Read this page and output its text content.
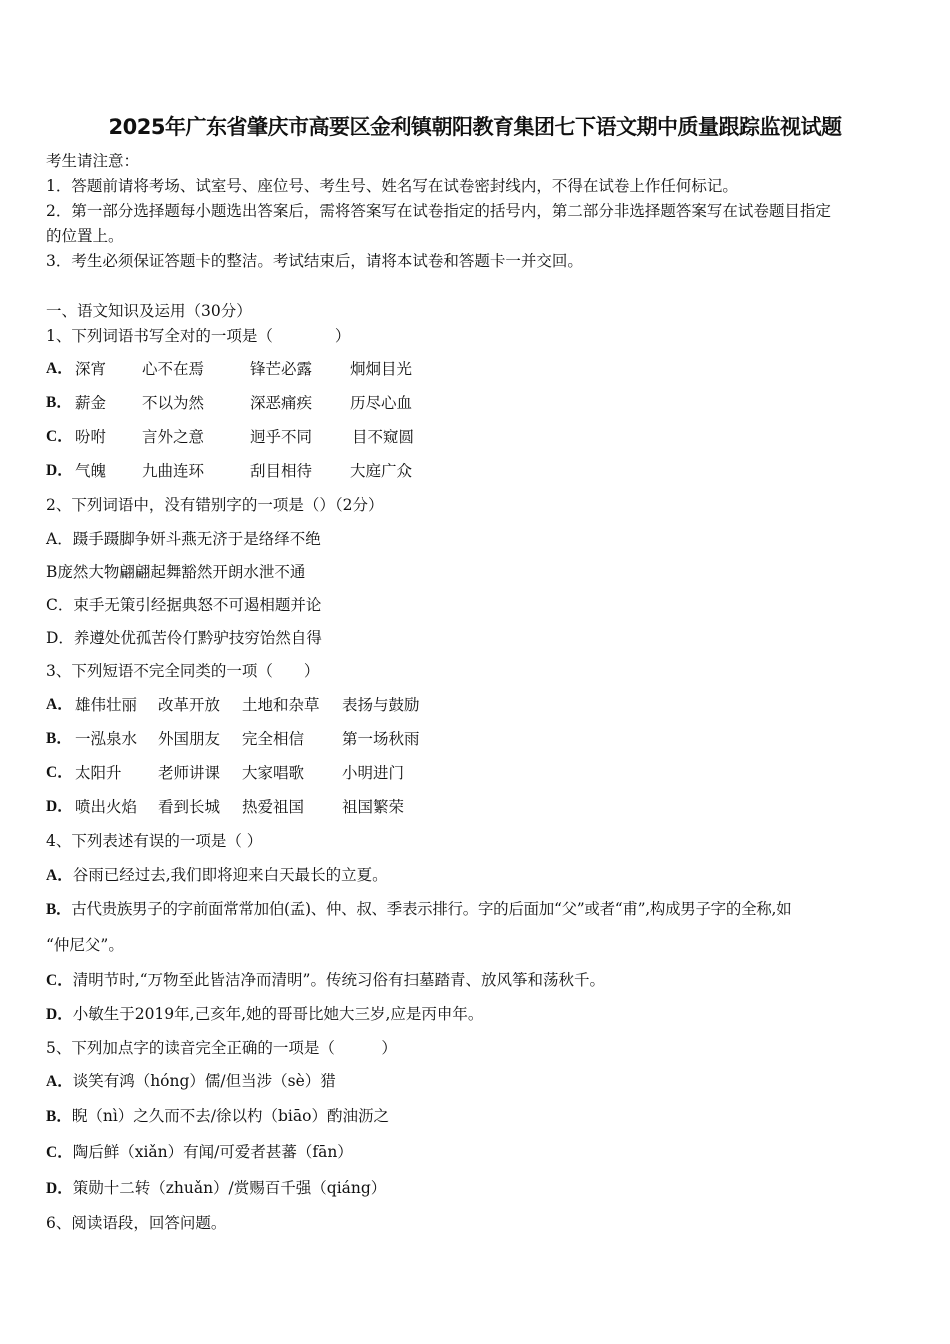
2025年广东省肇庆市高要区金利镇朝阳教育集团七下语文期中质量跟踪监视试题
考生请注意：
1．答题前请将考场、试室号、座位号、考生号、姓名写在试卷密封线内，不得在试卷上作任何标记。
2．第一部分选择题每小题选出答案后，需将答案写在试卷指定的括号内，第二部分非选择题答案写在试卷题目指定
的位置上。
3．考生必须保证答题卡的整洁。考试结束后，请将本试卷和答题卡一并交回。
一、语文知识及运用（30分）
1、下列词语书写全对的一项是（　　　　）
A． 深宵 心不在焉	锋芒必露 炯炯目光
B． 薪金 不以为然	深恶痛疾 历尽心血
C． 吩咐 言外之意	迥乎不同	目不窥圆
D． 气魄 九曲连环	刮目相待 大庭广众
2、下列词语中，没有错别字的一项是（）（2分）
A．蹑手蹑脚争妍斗燕无济于是络绎不绝
B庞然大物翩翩起舞豁然开朗水泄不通
C．束手无策引经据典怒不可遏相题并论
D．养遵处优孤苦伶仃黔驴技穷饴然自得
3、下列短语不完全同类的一项（　　）
A． 雄伟壮丽 改革开放 土地和杂草 表扬与鼓励
B． 一泓泉水 外国朋友 完全相信 第一场秋雨
C． 太阳升 老师讲课 大家唱歌 小明进门
D． 喷出火焰 看到长城 热爱祖国 祖国繁荣
4、下列表述有误的一项是（ ）
A．谷雨已经过去,我们即将迎来白天最长的立夏。
B．古代贵族男子的字前面常常加伯(孟)、仲、叔、季表示排行。字的后面加“父”或者“甫”,构成男子字的全称,如
“仲尼父”。
C．清明节时,“万物至此皆洁净而清明”。传统习俗有扫墓踏青、放风筝和荡秋千。
D．小敏生于2019年,己亥年,她的哥哥比她大三岁,应是丙申年。
5、下列加点字的读音完全正确的一项是（　　　）
A．谈笑有鸿（hóng）儒/但当涉（sè）猎
B．睨（nì）之久而不去/徐以杓（biāo）酌油沥之
C．陶后鲜（xiǎn）有闻/可爱者甚蕃（fān）
D．策勋十二转（zhuǎn）/赏赐百千强（qiáng）
6、阅读语段，回答问题。
